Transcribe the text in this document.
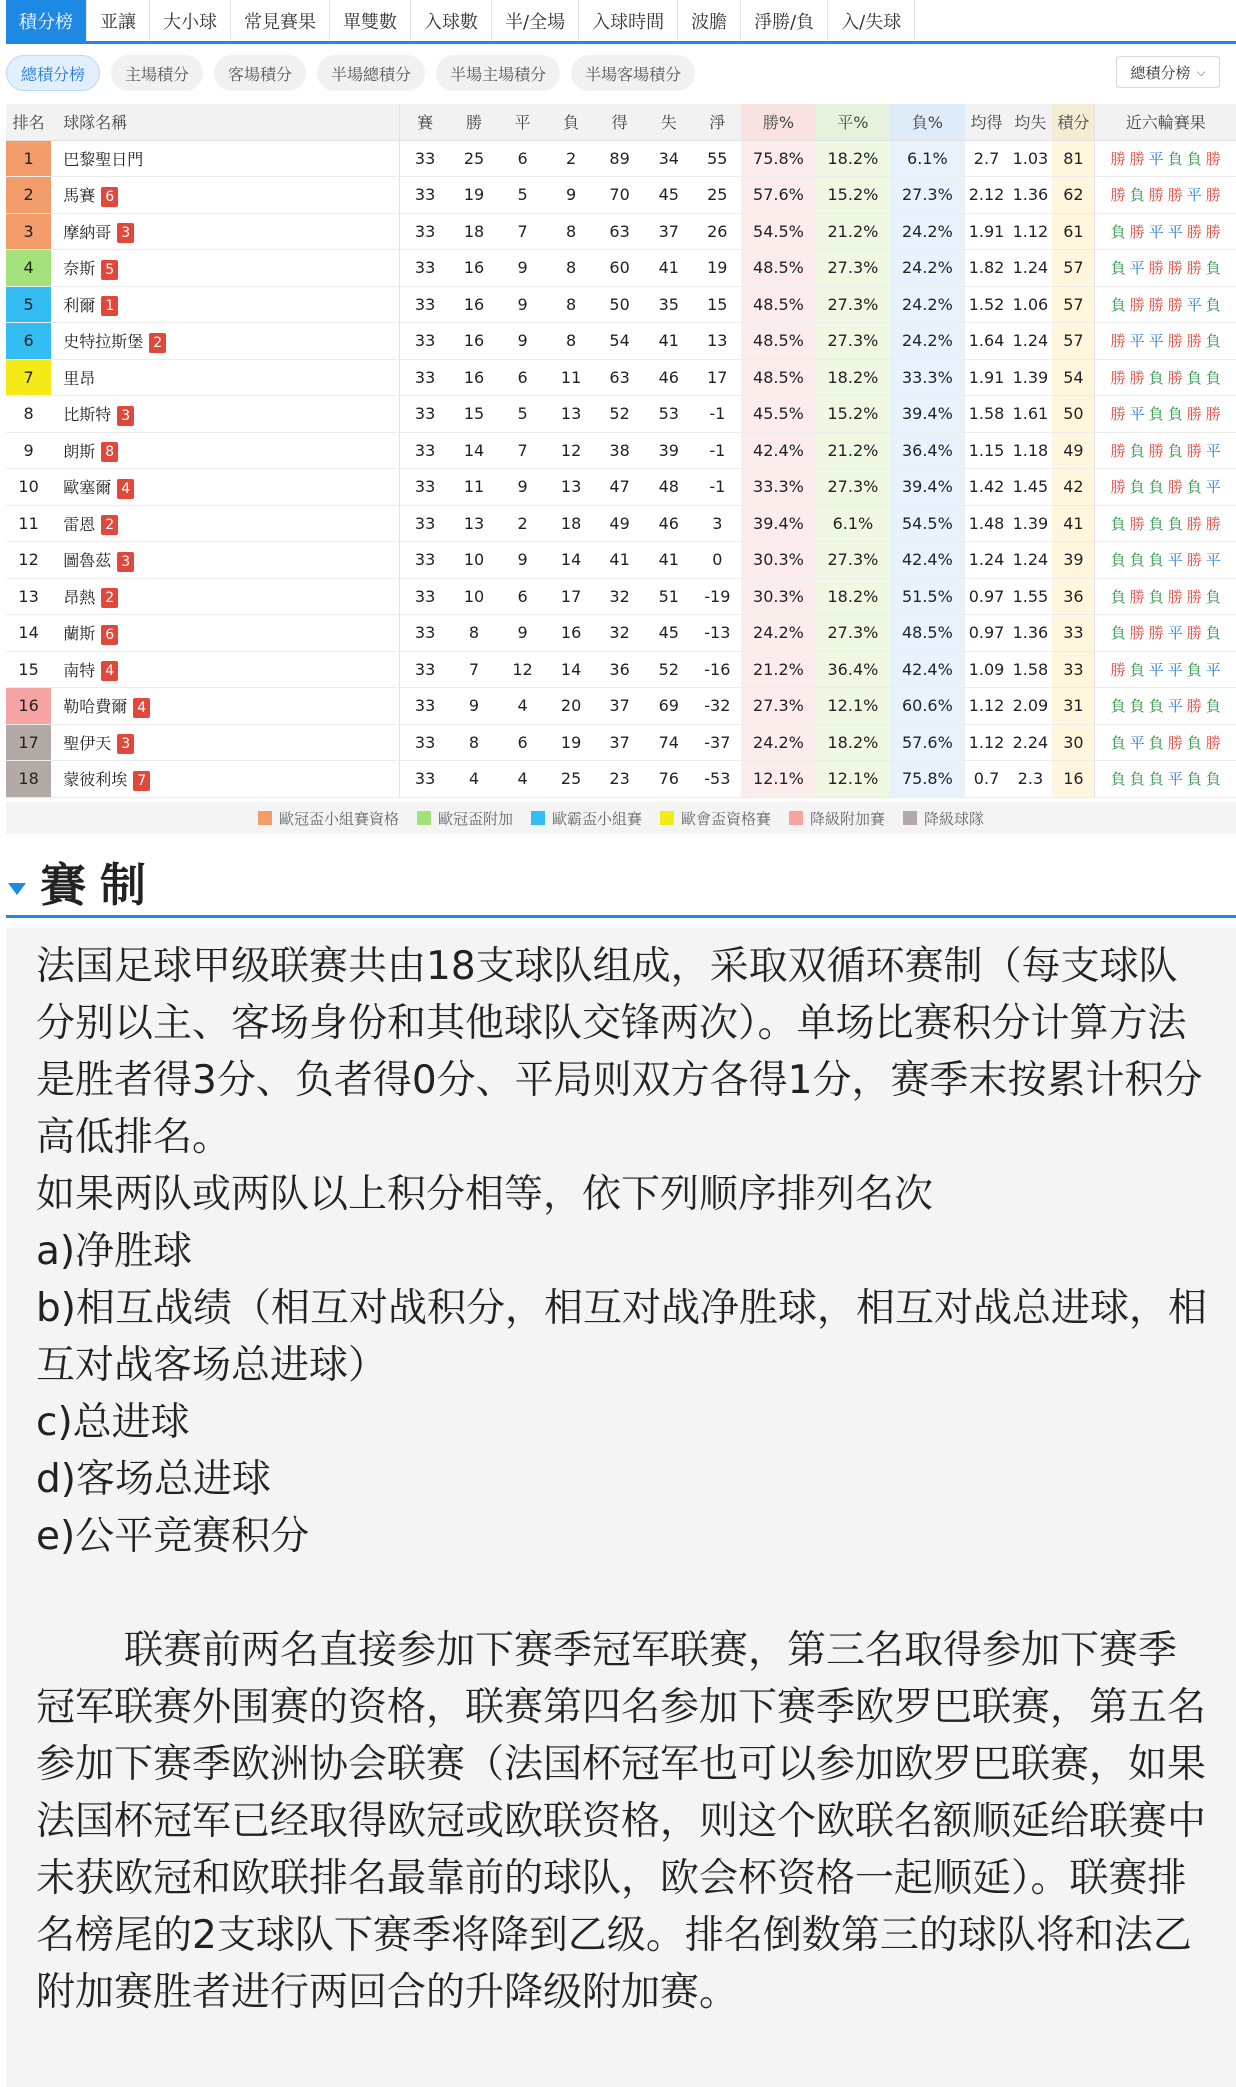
積分榜	亚讓	大小球	常見賽果	單雙數	入球數	半/全場	入球時間	波膽	淨勝/負	入/失球
總積分榜	主場積分	客場積分	半場總積分	半場主場積分	半場客場積分	總積分榜 ⌵
排名	球隊名稱	賽	勝	平	負	得	失	淨	勝%	平%	負%	均得	均失	積分	近六輪賽果
1	巴黎聖日門	33	25	6	2	89	34	55	75.8%	18.2%	6.1%	2.7	1.03	81	勝 勝 平 負 負 勝
2	馬賽 6	33	19	5	9	70	45	25	57.6%	15.2%	27.3%	2.12	1.36	62	勝 負 勝 勝 平 勝
3	摩納哥 3	33	18	7	8	63	37	26	54.5%	21.2%	24.2%	1.91	1.12	61	負 勝 平 平 勝 勝
4	奈斯 5	33	16	9	8	60	41	19	48.5%	27.3%	24.2%	1.82	1.24	57	負 平 勝 勝 勝 負
5	利爾 1	33	16	9	8	50	35	15	48.5%	27.3%	24.2%	1.52	1.06	57	負 勝 勝 勝 平 負
6	史特拉斯堡 2	33	16	9	8	54	41	13	48.5%	27.3%	24.2%	1.64	1.24	57	勝 平 平 勝 勝 負
7	里昂	33	16	6	11	63	46	17	48.5%	18.2%	33.3%	1.91	1.39	54	勝 勝 負 勝 負 負
8	比斯特 3	33	15	5	13	52	53	-1	45.5%	15.2%	39.4%	1.58	1.61	50	勝 平 負 負 勝 勝
9	朗斯 8	33	14	7	12	38	39	-1	42.4%	21.2%	36.4%	1.15	1.18	49	勝 負 勝 負 勝 平
10	歐塞爾 4	33	11	9	13	47	48	-1	33.3%	27.3%	39.4%	1.42	1.45	42	勝 負 負 勝 負 平
11	雷恩 2	33	13	2	18	49	46	3	39.4%	6.1%	54.5%	1.48	1.39	41	負 勝 負 負 勝 勝
12	圖魯茲 3	33	10	9	14	41	41	0	30.3%	27.3%	42.4%	1.24	1.24	39	負 負 負 平 勝 平
13	昂熱 2	33	10	6	17	32	51	-19	30.3%	18.2%	51.5%	0.97	1.55	36	負 勝 負 勝 勝 負
14	蘭斯 6	33	8	9	16	32	45	-13	24.2%	27.3%	48.5%	0.97	1.36	33	負 勝 勝 平 勝 負
15	南特 4	33	7	12	14	36	52	-16	21.2%	36.4%	42.4%	1.09	1.58	33	勝 負 平 平 負 平
16	勒哈費爾 4	33	9	4	20	37	69	-32	27.3%	12.1%	60.6%	1.12	2.09	31	負 負 負 平 勝 負
17	聖伊天 3	33	8	6	19	37	74	-37	24.2%	18.2%	57.6%	1.12	2.24	30	負 平 負 勝 負 勝
18	蒙彼利埃 7	33	4	4	25	23	76	-53	12.1%	12.1%	75.8%	0.7	2.3	16	負 負 負 平 負 負
歐冠盃小組賽資格	歐冠盃附加	歐霸盃小組賽	歐會盃資格賽	降級附加賽	降級球隊
賽制

法国足球甲级联赛共由18支球队组成，采取双循环赛制（每支球队分别以主、客场身份和其他球队交锋两次）。单场比赛积分计算方法是胜者得3分、负者得0分、平局则双方各得1分，赛季末按累计积分高低排名。

如果两队或两队以上积分相等，依下列顺序排列名次

a)净胜球

b)相互战绩（相互对战积分，相互对战净胜球，相互对战总进球，相互对战客场总进球）

c)总进球

d)客场总进球

e)公平竞赛积分

联赛前两名直接参加下赛季冠军联赛，第三名取得参加下赛季冠军联赛外围赛的资格，联赛第四名参加下赛季欧罗巴联赛，第五名参加下赛季欧洲协会联赛（法国杯冠军也可以参加欧罗巴联赛，如果法国杯冠军已经取得欧冠或欧联资格，则这个欧联名额顺延给联赛中未获欧冠和欧联排名最靠前的球队，欧会杯资格一起顺延）。联赛排名榜尾的2支球队下赛季将降到乙级。排名倒数第三的球队将和法乙附加赛胜者进行两回合的升降级附加赛。
